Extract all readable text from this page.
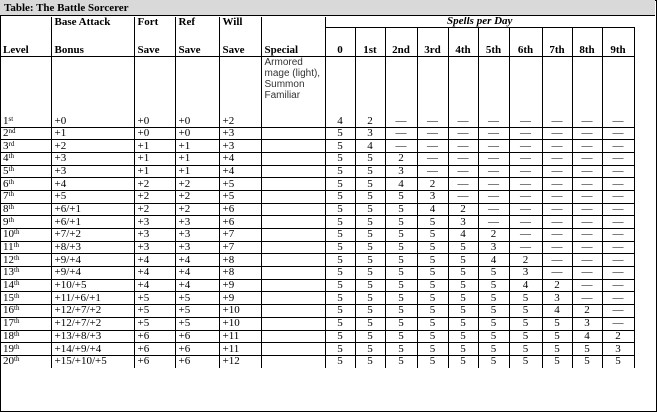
Table: The Battle Sorcerer
	Base Attack	Fort	Ref	Will		Spells per Day									
Level	Bonus	Save	Save	Save	Special	0	1st	2nd	3rd	4th	5th	6th	7th	8th	9th
1st	+0	+0	+0	+2	Armored mage (light), Summon Familiar	4	2	—	—	—	—	—	—	—	—
2nd	+1	+0	+0	+3		5	3	—	—	—	—	—	—	—	—
3rd	+2	+1	+1	+3		5	4	—	—	—	—	—	—	—	—
4th	+3	+1	+1	+4		5	5	2	—	—	—	—	—	—	—
5th	+3	+1	+1	+4		5	5	3	—	—	—	—	—	—	—
6th	+4	+2	+2	+5		5	5	4	2	—	—	—	—	—	—
7th	+5	+2	+2	+5		5	5	5	3	—	—	—	—	—	—
8th	+6/+1	+2	+2	+6		5	5	5	4	2	—	—	—	—	—
9th	+6/+1	+3	+3	+6		5	5	5	5	3	—	—	—	—	—
10th	+7/+2	+3	+3	+7		5	5	5	5	4	2	—	—	—	—
11th	+8/+3	+3	+3	+7		5	5	5	5	5	3	—	—	—	—
12th	+9/+4	+4	+4	+8		5	5	5	5	5	4	2	—	—	—
13th	+9/+4	+4	+4	+8		5	5	5	5	5	5	3	—	—	—
14th	+10/+5	+4	+4	+9		5	5	5	5	5	5	4	2	—	—
15th	+11/+6/+1	+5	+5	+9		5	5	5	5	5	5	5	3	—	—
16th	+12/+7/+2	+5	+5	+10		5	5	5	5	5	5	5	4	2	—
17th	+12/+7/+2	+5	+5	+10		5	5	5	5	5	5	5	5	3	—
18th	+13/+8/+3	+6	+6	+11		5	5	5	5	5	5	5	5	4	2
19th	+14/+9/+4	+6	+6	+11		5	5	5	5	5	5	5	5	5	3
20th	+15/+10/+5	+6	+6	+12		5	5	5	5	5	5	5	5	5	5
